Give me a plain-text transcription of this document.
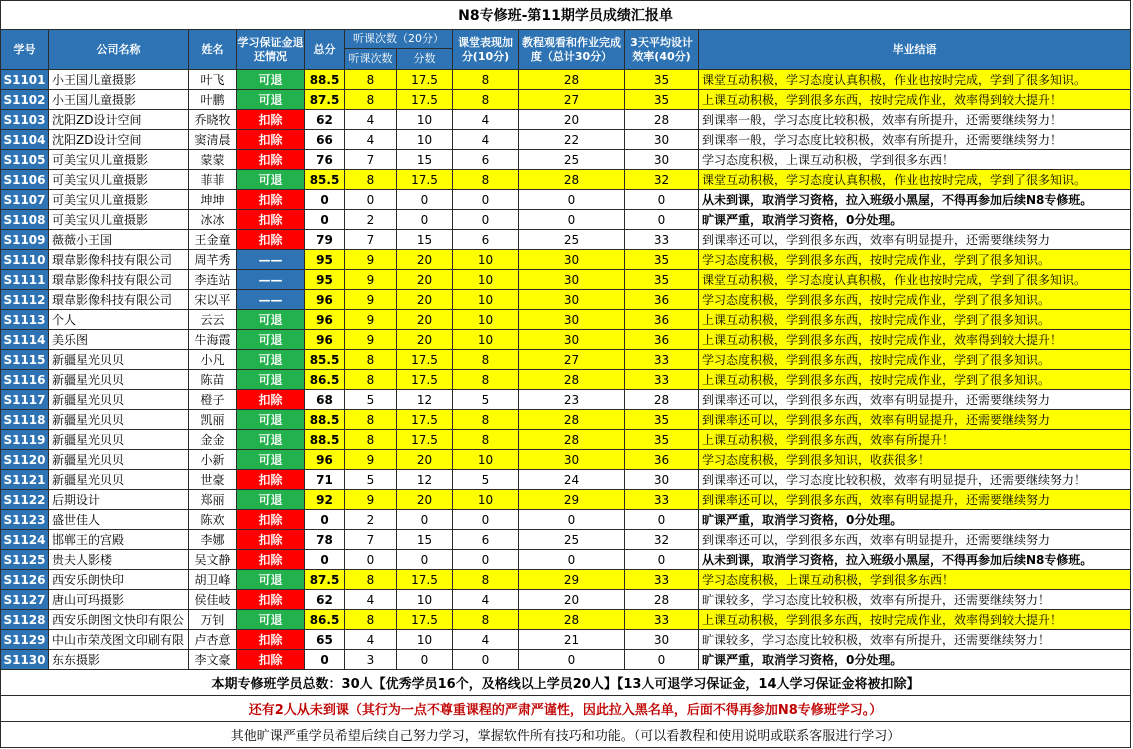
N8专修班-第11期学员成绩汇报单										
学号	公司名称	姓名	学习保证金退还情况	总分	听课次数（20分）		课堂表现加分(10分)	教程观看和作业完成度（总计30分）	3天平均设计效率(40分)	毕业结语
					听课次数	分数				
S1101	小王国儿童摄影	叶飞	可退	88.5	8	17.5	8	28	35	课堂互动积极，学习态度认真积极，作业也按时完成，学到了很多知识。
S1102	小王国儿童摄影	叶鹏	可退	87.5	8	17.5	8	27	35	上课互动积极，学到很多东西，按时完成作业，效率得到较大提升！
S1103	沈阳ZD设计空间	乔晓牧	扣除	62	4	10	4	20	28	到课率一般，学习态度比较积极，效率有所提升，还需要继续努力！
S1104	沈阳ZD设计空间	窦清晨	扣除	66	4	10	4	22	30	到课率一般，学习态度比较积极，效率有所提升，还需要继续努力！
S1105	可美宝贝儿童摄影	蒙蒙	扣除	76	7	15	6	25	30	学习态度积极，上课互动积极，学到很多东西！
S1106	可美宝贝儿童摄影	菲菲	可退	85.5	8	17.5	8	28	32	课堂互动积极，学习态度认真积极，作业也按时完成，学到了很多知识。
S1107	可美宝贝儿童摄影	坤坤	扣除	0	0	0	0	0	0	从未到课，取消学习资格，拉入班级小黑屋，不得再参加后续N8专修班。
S1108	可美宝贝儿童摄影	冰冰	扣除	0	2	0	0	0	0	旷课严重，取消学习资格，0分处理。
S1109	薇薇小王国	王金童	扣除	79	7	15	6	25	33	到课率还可以，学到很多东西，效率有明显提升，还需要继续努力
S1110	環韋影像科技有限公司	周芊秀	——	95	9	20	10	30	35	学习态度积极，学到很多东西，按时完成作业，学到了很多知识。
S1111	環韋影像科技有限公司	李连站	——	95	9	20	10	30	35	课堂互动积极，学习态度认真积极，作业也按时完成，学到了很多知识。
S1112	環韋影像科技有限公司	宋以平	——	96	9	20	10	30	36	学习态度积极，学到很多东西，按时完成作业，学到了很多知识。
S1113	个人	云云	可退	96	9	20	10	30	36	上课互动积极，学到很多东西，按时完成作业，学到了很多知识。
S1114	美乐图	牛海霞	可退	96	9	20	10	30	36	上课互动积极，学到很多东西，按时完成作业，效率得到较大提升！
S1115	新疆星光贝贝	小凡	可退	85.5	8	17.5	8	27	33	学习态度积极，学到很多东西，按时完成作业，学到了很多知识。
S1116	新疆星光贝贝	陈苗	可退	86.5	8	17.5	8	28	33	上课互动积极，学到很多东西，按时完成作业，学到了很多知识。
S1117	新疆星光贝贝	橙子	扣除	68	5	12	5	23	28	到课率还可以，学到很多东西，效率有明显提升，还需要继续努力
S1118	新疆星光贝贝	凯丽	可退	88.5	8	17.5	8	28	35	到课率还可以，学到很多东西，效率有明显提升，还需要继续努力
S1119	新疆星光贝贝	金金	可退	88.5	8	17.5	8	28	35	上课互动积极，学到很多东西，效率有所提升！
S1120	新疆星光贝贝	小新	可退	96	9	20	10	30	36	学习态度积极，学到很多知识，收获很多！
S1121	新疆星光贝贝	世豪	扣除	71	5	12	5	24	30	到课率还可以，学习态度比较积极，效率有明显提升，还需要继续努力！
S1122	后期设计	郑丽	可退	92	9	20	10	29	33	到课率还可以，学到很多东西，效率有明显提升，还需要继续努力
S1123	盛世佳人	陈欢	扣除	0	2	0	0	0	0	旷课严重，取消学习资格，0分处理。
S1124	邯郸王的宫殿	李娜	扣除	78	7	15	6	25	32	到课率还可以，学到很多东西，效率有明显提升，还需要继续努力
S1125	贵夫人影楼	吴文静	扣除	0	0	0	0	0	0	从未到课，取消学习资格，拉入班级小黑屋，不得再参加后续N8专修班。
S1126	西安乐朗快印	胡卫峰	可退	87.5	8	17.5	8	29	33	学习态度积极，上课互动积极，学到很多东西！
S1127	唐山可玛摄影	侯佳岐	扣除	62	4	10	4	20	28	旷课较多，学习态度比较积极，效率有所提升，还需要继续努力！
S1128	西安乐朗图文快印有限公	万钊	可退	86.5	8	17.5	8	28	33	上课互动积极，学到很多东西，按时完成作业，效率得到较大提升！
S1129	中山市荣茂图文印刷有限	卢杏意	扣除	65	4	10	4	21	30	旷课较多，学习态度比较积极，效率有所提升，还需要继续努力！
S1130	东东摄影	李文豪	扣除	0	3	0	0	0	0	旷课严重，取消学习资格，0分处理。
本期专修班学员总数：30人【优秀学员16个，及格线以上学员20人】【13人可退学习保证金，14人学习保证金将被扣除】										
还有2人从未到课（其行为一点不尊重课程的严肃严谨性，因此拉入黑名单，后面不得再参加N8专修班学习。）										
其他旷课严重学员希望后续自己努力学习，掌握软件所有技巧和功能。（可以看教程和使用说明或联系客服进行学习）										
